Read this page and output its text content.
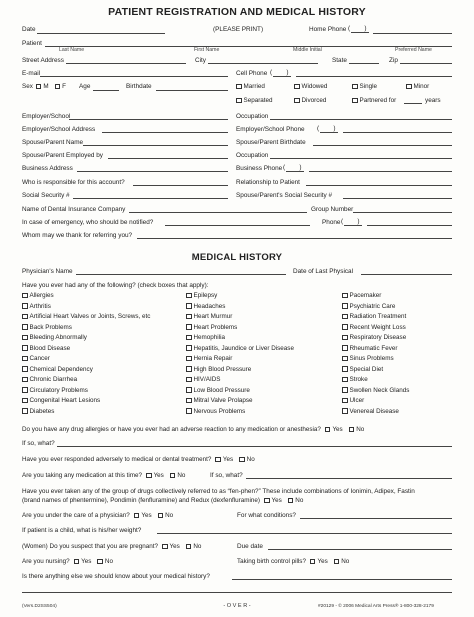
PATIENT REGISTRATION AND MEDICAL HISTORY
Date	(PLEASE PRINT)	Home Phone (        )
Patient
Last Name	First Name	Middle Initial	Preferred Name
Street Address	City	State	Zip
E-mail	Cell Phone (        )
Sex M F Age	Birthdate	Married	Widowed	Single	Minor
Separated	Divorced	Partnered for	years
Employer/School	Occupation
Employer/School Address	Employer/School Phone (        )
Spouse/Parent Name	Spouse/Parent Birthdate
Spouse/Parent Employed by	Occupation
Business Address	Business Phone (        )
Who is responsible for this account?	Relationship to Patient
Social Security #	Spouse/Parent's Social Security #
Name of Dental Insurance Company	Group Number
In case of emergency, who should be notified?	Phone (        )
Whom may we thank for referring you?
MEDICAL HISTORY
Physician's Name	Date of Last Physical
Have you ever had any of the following? (check boxes that apply):
Allergies
Arthritis
Artificial Heart Valves or Joints, Screws, etc
Back Problems
Bleeding Abnormally
Blood Disease
Cancer
Chemical Dependency
Chronic Diarrhea
Circulatory Problems
Congenital Heart Lesions
Diabetes
Epilepsy
Headaches
Heart Murmur
Heart Problems
Hemophilia
Hepatitis, Jaundice or Liver Disease
Hernia Repair
High Blood Pressure
HIV/AIDS
Low Blood Pressure
Mitral Valve Prolapse
Nervous Problems
Pacemaker
Psychiatric Care
Radiation Treatment
Recent Weight Loss
Respiratory Disease
Rheumatic Fever
Sinus Problems
Special Diet
Stroke
Swollen Neck Glands
Ulcer
Venereal Disease
Do you have any drug allergies or have you ever had an adverse reaction to any medication or anesthesia? Yes No
If so, what?
Have you ever responded adversely to medical or dental treatment? Yes No
Are you taking any medication at this time? Yes No	If so, what?
Have you ever taken any of the group of drugs collectively referred to as “fen-phen?” These include combinations of Ionimin, Adipex, Fastin
(brand names of phentermine), Pondimin (fenfluramine) and Redux (dexfenfluramine) Yes No
Are you under the care of a physician? Yes No	For what conditions?
If patient is a child, what is his/her weight?
(Women) Do you suspect that you are pregnant? Yes No	Due date
Are you nursing? Yes No	Taking birth control pills? Yes No
Is there anything else we should know about your medical history?
(Vers.D2SS504)	- O V E R -	#20129 - © 2006 Medical Arts Press® 1-800-328-2179
